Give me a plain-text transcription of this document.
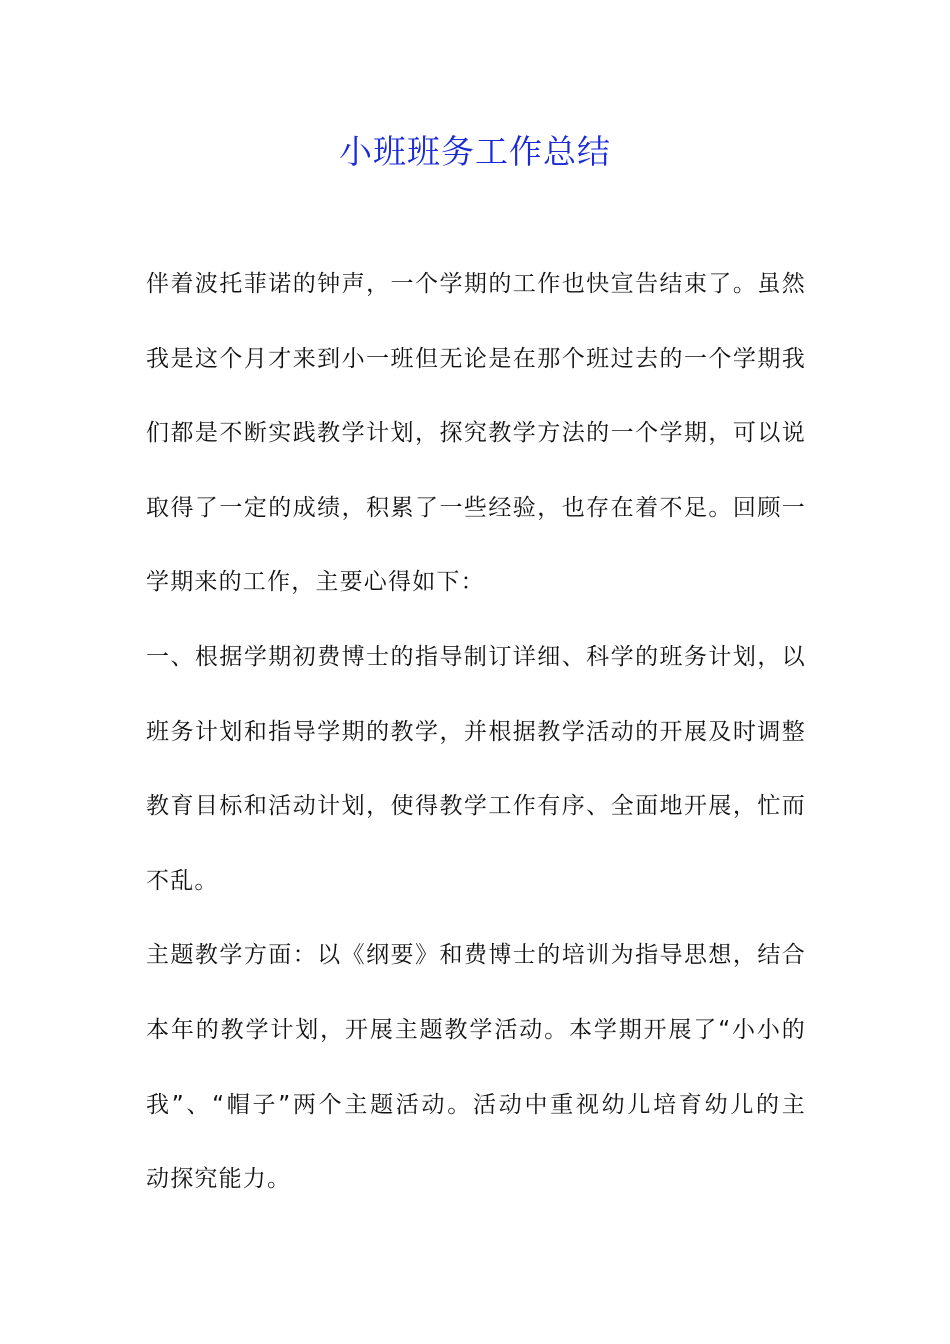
小班班务工作总结
伴着波托菲诺的钟声，一个学期的工作也快宣告结束了。虽然
我是这个月才来到小一班但无论是在那个班过去的一个学期我
们都是不断实践教学计划，探究教学方法的一个学期，可以说
取得了一定的成绩，积累了一些经验，也存在着不足。回顾一
学期来的工作，主要心得如下：
一、根据学期初费博士的指导制订详细、科学的班务计划，以
班务计划和指导学期的教学，并根据教学活动的开展及时调整
教育目标和活动计划，使得教学工作有序、全面地开展，忙而
不乱。
主题教学方面：以《纲要》和费博士的培训为指导思想，结合
本年的教学计划，开展主题教学活动。本学期开展了“小小的
我”、“帽子”两个主题活动。活动中重视幼儿培育幼儿的主
动探究能力。
